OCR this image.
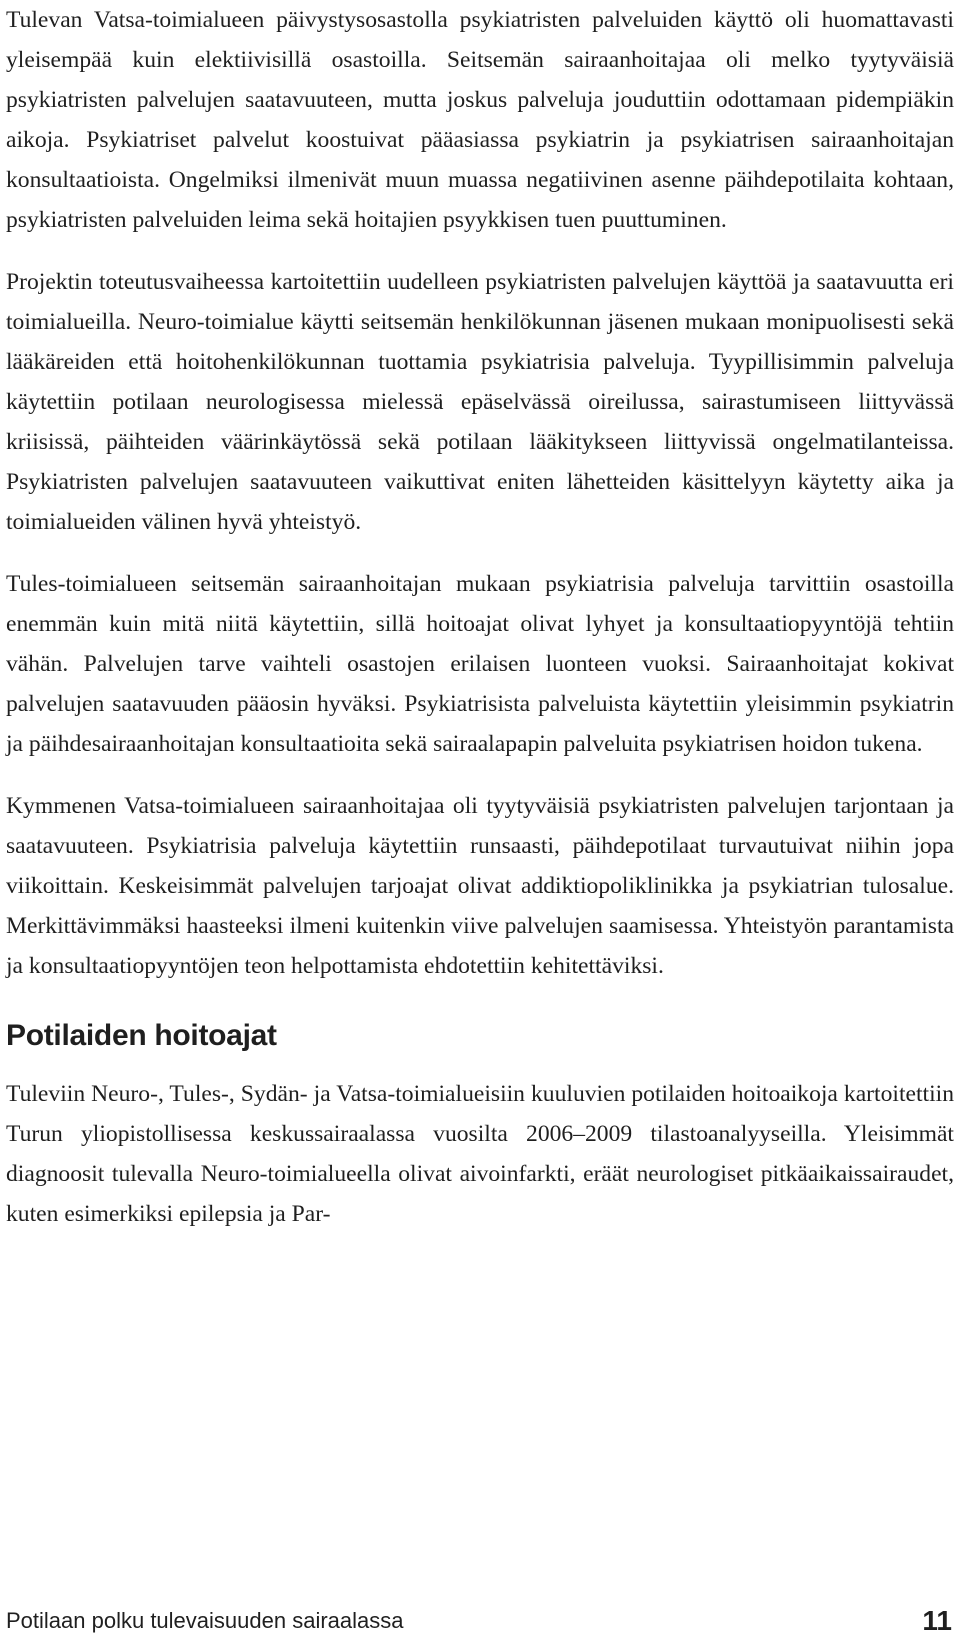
Tulevan Vatsa-toimialueen päivystysosastolla psykiatristen palveluiden käyttö oli huomattavasti yleisempää kuin elektiivisillä osastoilla. Seitsemän sairaanhoitajaa oli melko tyytyväisiä psykiatristen palvelujen saatavuuteen, mutta joskus palveluja jouduttiin odottamaan pidempiäkin aikoja. Psykiatriset palvelut koostuivat pääasiassa psykiatrin ja psykiatrisen sairaanhoitajan konsultaatioista. Ongelmiksi ilmenivät muun muassa negatiivinen asenne päihdepotilaita kohtaan, psykiatristen palveluiden leima sekä hoitajien psyykkisen tuen puuttuminen.

Projektin toteutusvaiheessa kartoitettiin uudelleen psykiatristen palvelujen käyttöä ja saatavuutta eri toimialueilla. Neuro-toimialue käytti seitsemän henkilökunnan jäsenen mukaan monipuolisesti sekä lääkäreiden että hoitohenkilökunnan tuottamia psykiatrisia palveluja. Tyypillisimmin palveluja käytettiin potilaan neurologisessa mielessä epäselvässä oireilussa, sairastumiseen liittyvässä kriisissä, päihteiden väärinkäytössä sekä potilaan lääkitykseen liittyvissä ongelmatilanteissa. Psykiatristen palvelujen saatavuuteen vaikuttivat eniten lähetteiden käsittelyyn käytetty aika ja toimialueiden välinen hyvä yhteistyö.

Tules-toimialueen seitsemän sairaanhoitajan mukaan psykiatrisia palveluja tarvittiin osastoilla enemmän kuin mitä niitä käytettiin, sillä hoitoajat olivat lyhyet ja konsultaatiopyyntöjä tehtiin vähän. Palvelujen tarve vaihteli osastojen erilaisen luonteen vuoksi. Sairaanhoitajat kokivat palvelujen saatavuuden pääosin hyväksi. Psykiatrisista palveluista käytettiin yleisimmin psykiatrin ja päihdesairaanhoitajan konsultaatioita sekä sairaalapapin palveluita psykiatrisen hoidon tukena.

Kymmenen Vatsa-toimialueen sairaanhoitajaa oli tyytyväisiä psykiatristen palvelujen tarjontaan ja saatavuuteen. Psykiatrisia palveluja käytettiin runsaasti, päihdepotilaat turvautuivat niihin jopa viikoittain. Keskeisimmät palvelujen tarjoajat olivat addiktiopoliklinikka ja psykiatrian tulosalue. Merkittävimmäksi haasteeksi ilmeni kuitenkin viive palvelujen saamisessa. Yhteistyön parantamista ja konsultaatiopyyntöjen teon helpottamista ehdotettiin kehitettäviksi.

Potilaiden hoitoajat

Tuleviin Neuro-, Tules-, Sydän- ja Vatsa-toimialueisiin kuuluvien potilaiden hoitoaikoja kartoitettiin Turun yliopistollisessa keskussairaalassa vuosilta 2006–2009 tilastoanalyyseilla. Yleisimmät diagnoosit tulevalla Neuro-toimialueella olivat aivoinfarkti, eräät neurologiset pitkäaikaissairaudet, kuten esimerkiksi epilepsia ja Par-

Potilaan polku tulevaisuuden sairaalassa	11
